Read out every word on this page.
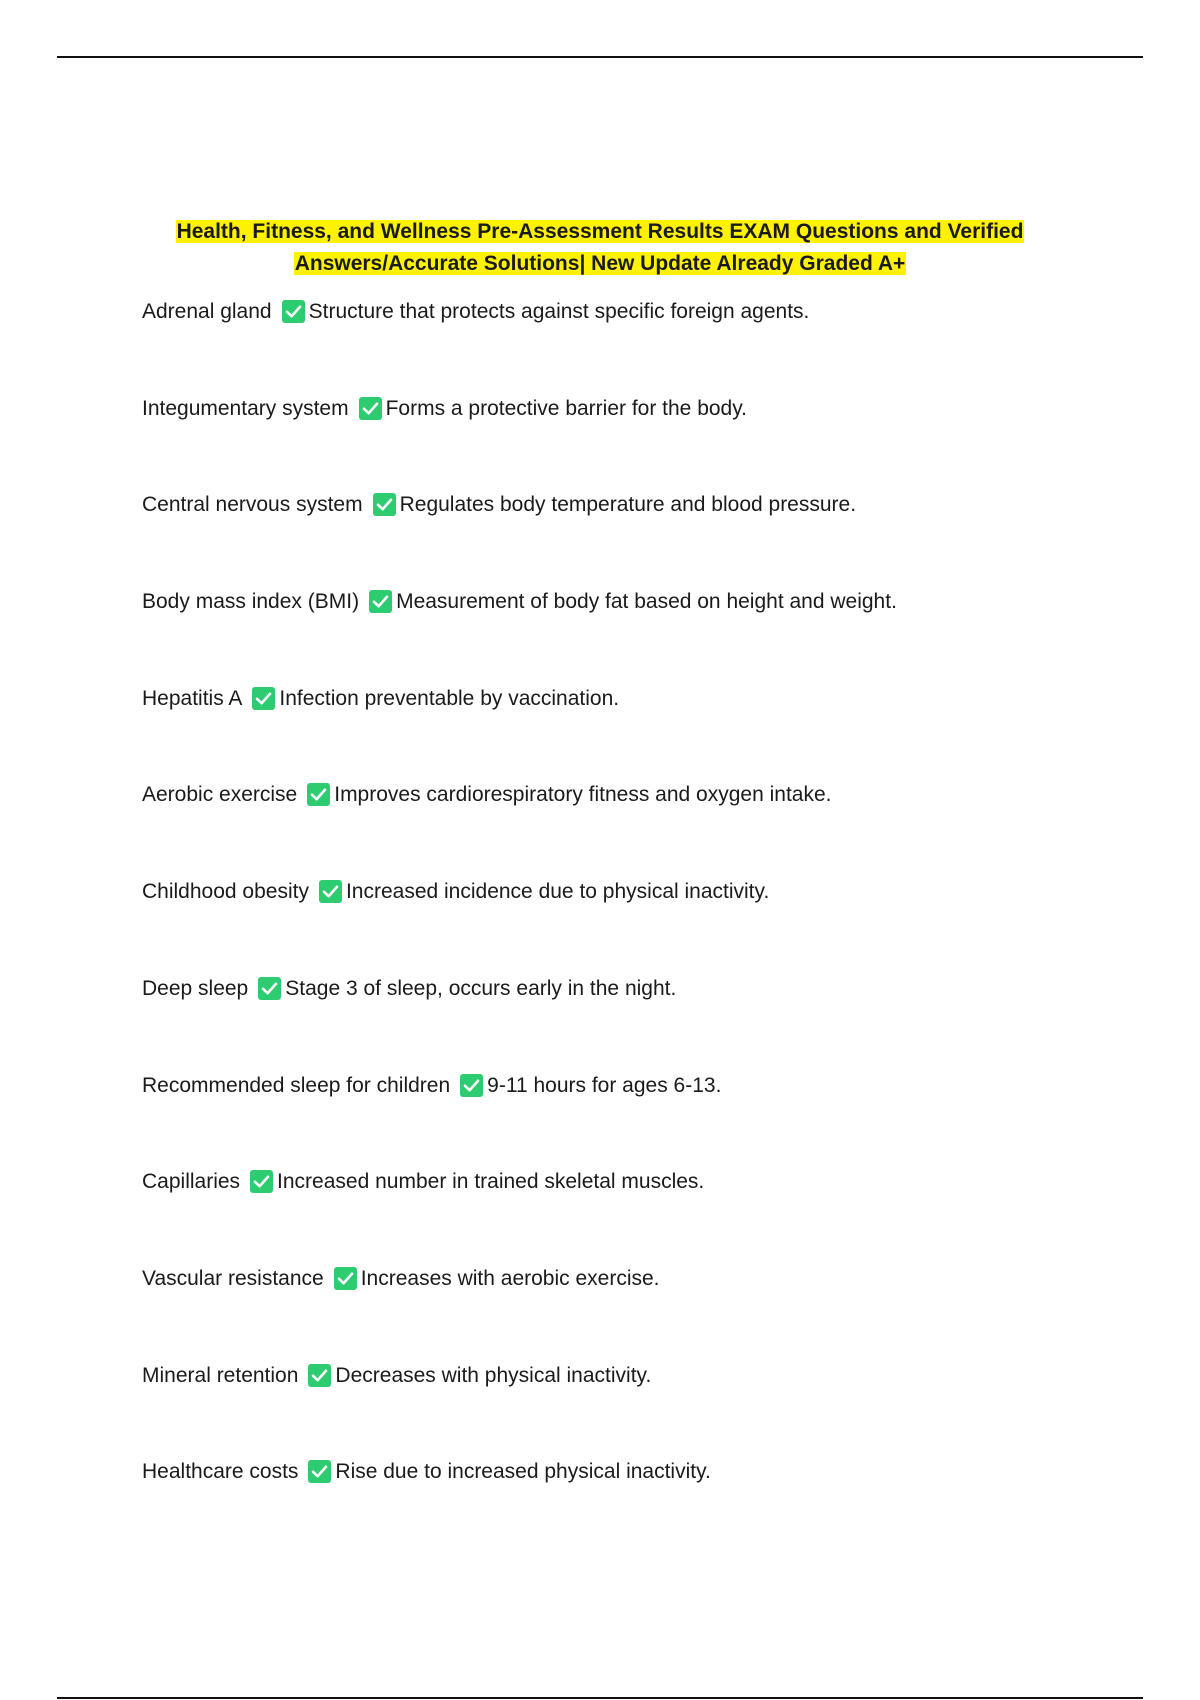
Health, Fitness, and Wellness Pre-Assessment Results EXAM Questions and Verified
Answers/Accurate Solutions| New Update Already Graded A+
Adrenal gland Structure that protects against specific foreign agents.
Integumentary system Forms a protective barrier for the body.
Central nervous system Regulates body temperature and blood pressure.
Body mass index (BMI) Measurement of body fat based on height and weight.
Hepatitis A Infection preventable by vaccination.
Aerobic exercise Improves cardiorespiratory fitness and oxygen intake.
Childhood obesity Increased incidence due to physical inactivity.
Deep sleep Stage 3 of sleep, occurs early in the night.
Recommended sleep for children 9-11 hours for ages 6-13.
Capillaries Increased number in trained skeletal muscles.
Vascular resistance Increases with aerobic exercise.
Mineral retention Decreases with physical inactivity.
Healthcare costs Rise due to increased physical inactivity.
